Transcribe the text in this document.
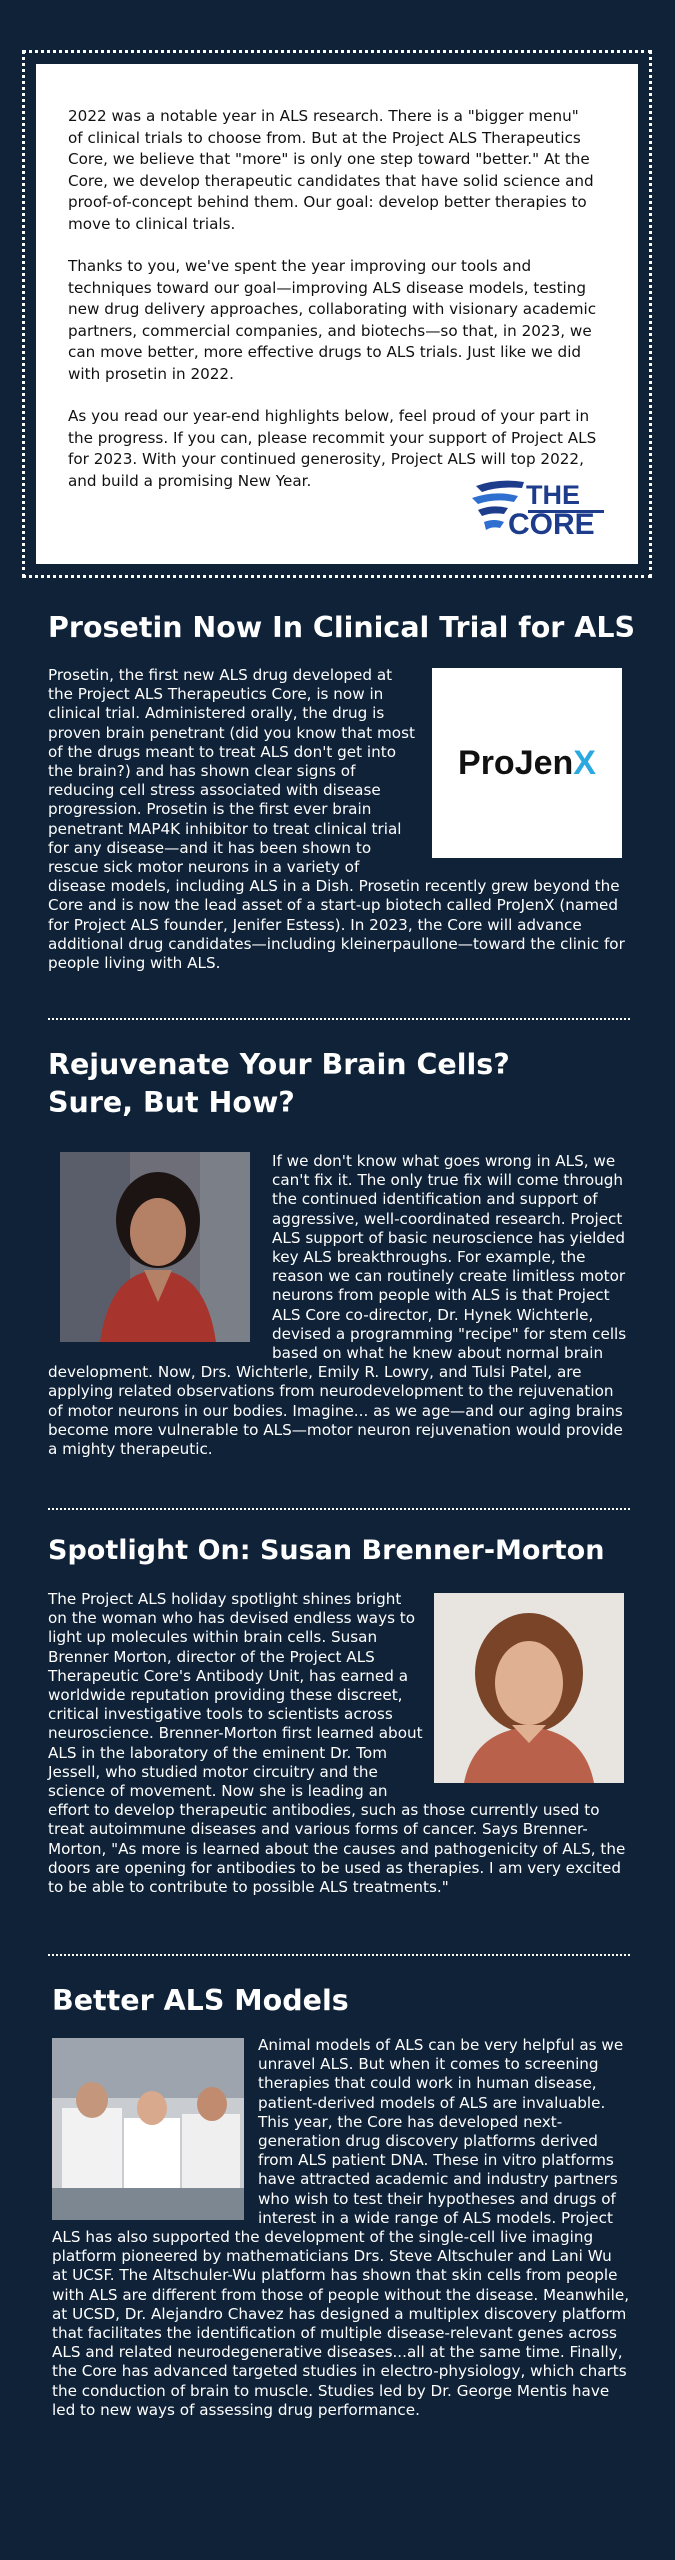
2022 was a notable year in ALS research. There is a "bigger menu" of clinical trials to choose from. But at the Project ALS Therapeutics Core, we believe that "more" is only one step toward "better." At the Core, we develop therapeutic candidates that have solid science and proof-of-concept behind them. Our goal: develop better therapies to move to clinical trials.

Thanks to you, we've spent the year improving our tools and techniques toward our goal—improving ALS disease models, testing new drug delivery approaches, collaborating with visionary academic partners, commercial companies, and biotechs—so that, in 2023, we can move better, more effective drugs to ALS trials. Just like we did with prosetin in 2022.

As you read our year-end highlights below, feel proud of your part in the progress. If you can, please recommit your support of Project ALS for 2023. With your continued generosity, Project ALS will top 2022, and build a promising New Year.	THE
CORE
Prosetin Now In Clinical Trial for ALS
ProJenX
Prosetin, the first new ALS drug developed at the Project ALS Therapeutics Core, is now in clinical trial. Administered orally, the drug is proven brain penetrant (did you know that most of the drugs meant to treat ALS don't get into the brain?) and has shown clear signs of reducing cell stress associated with disease progression. Prosetin is the first ever brain penetrant MAP4K inhibitor to treat clinical trial for any disease—and it has been shown to rescue sick motor neurons in a variety of disease models, including ALS in a Dish. Prosetin recently grew beyond the Core and is now the lead asset of a start-up biotech called ProJenX (named for Project ALS founder, Jenifer Estess). In 2023, the Core will advance additional drug candidates—including kleinerpaullone—toward the clinic for people living with ALS.
Rejuvenate Your Brain Cells?
Sure, But How?
If we don't know what goes wrong in ALS, we can't fix it. The only true fix will come through the continued identification and support of aggressive, well-coordinated research. Project ALS support of basic neuroscience has yielded key ALS breakthroughs. For example, the reason we can routinely create limitless motor neurons from people with ALS is that Project ALS Core co-director, Dr. Hynek Wichterle, devised a programming "recipe" for stem cells based on what he knew about normal brain development. Now, Drs. Wichterle, Emily R. Lowry, and Tulsi Patel, are applying related observations from neurodevelopment to the rejuvenation of motor neurons in our bodies. Imagine... as we age—and our aging brains become more vulnerable to ALS—motor neuron rejuvenation would provide a mighty therapeutic.
Spotlight On: Susan Brenner-Morton
The Project ALS holiday spotlight shines bright on the woman who has devised endless ways to light up molecules within brain cells. Susan Brenner Morton, director of the Project ALS Therapeutic Core's Antibody Unit, has earned a worldwide reputation providing these discreet, critical investigative tools to scientists across neuroscience. Brenner-Morton first learned about ALS in the laboratory of the eminent Dr. Tom Jessell, who studied motor circuitry and the science of movement. Now she is leading an effort to develop therapeutic antibodies, such as those currently used to treat autoimmune diseases and various forms of cancer. Says Brenner-Morton, "As more is learned about the causes and pathogenicity of ALS, the doors are opening for antibodies to be used as therapies. I am very excited to be able to contribute to possible ALS treatments."
Better ALS Models
Animal models of ALS can be very helpful as we unravel ALS. But when it comes to screening therapies that could work in human disease, patient-derived models of ALS are invaluable. This year, the Core has developed next-generation drug discovery platforms derived from ALS patient DNA. These in vitro platforms have attracted academic and industry partners who wish to test their hypotheses and drugs of interest in a wide range of ALS models. Project ALS has also supported the development of the single-cell live imaging platform pioneered by mathematicians Drs. Steve Altschuler and Lani Wu at UCSF. The Altschuler-Wu platform has shown that skin cells from people with ALS are different from those of people without the disease. Meanwhile, at UCSD, Dr. Alejandro Chavez has designed a multiplex discovery platform that facilitates the identification of multiple disease-relevant genes across ALS and related neurodegenerative diseases...all at the same time. Finally, the Core has advanced targeted studies in electro-physiology, which charts the conduction of brain to muscle. Studies led by Dr. George Mentis have led to new ways of assessing drug performance.
